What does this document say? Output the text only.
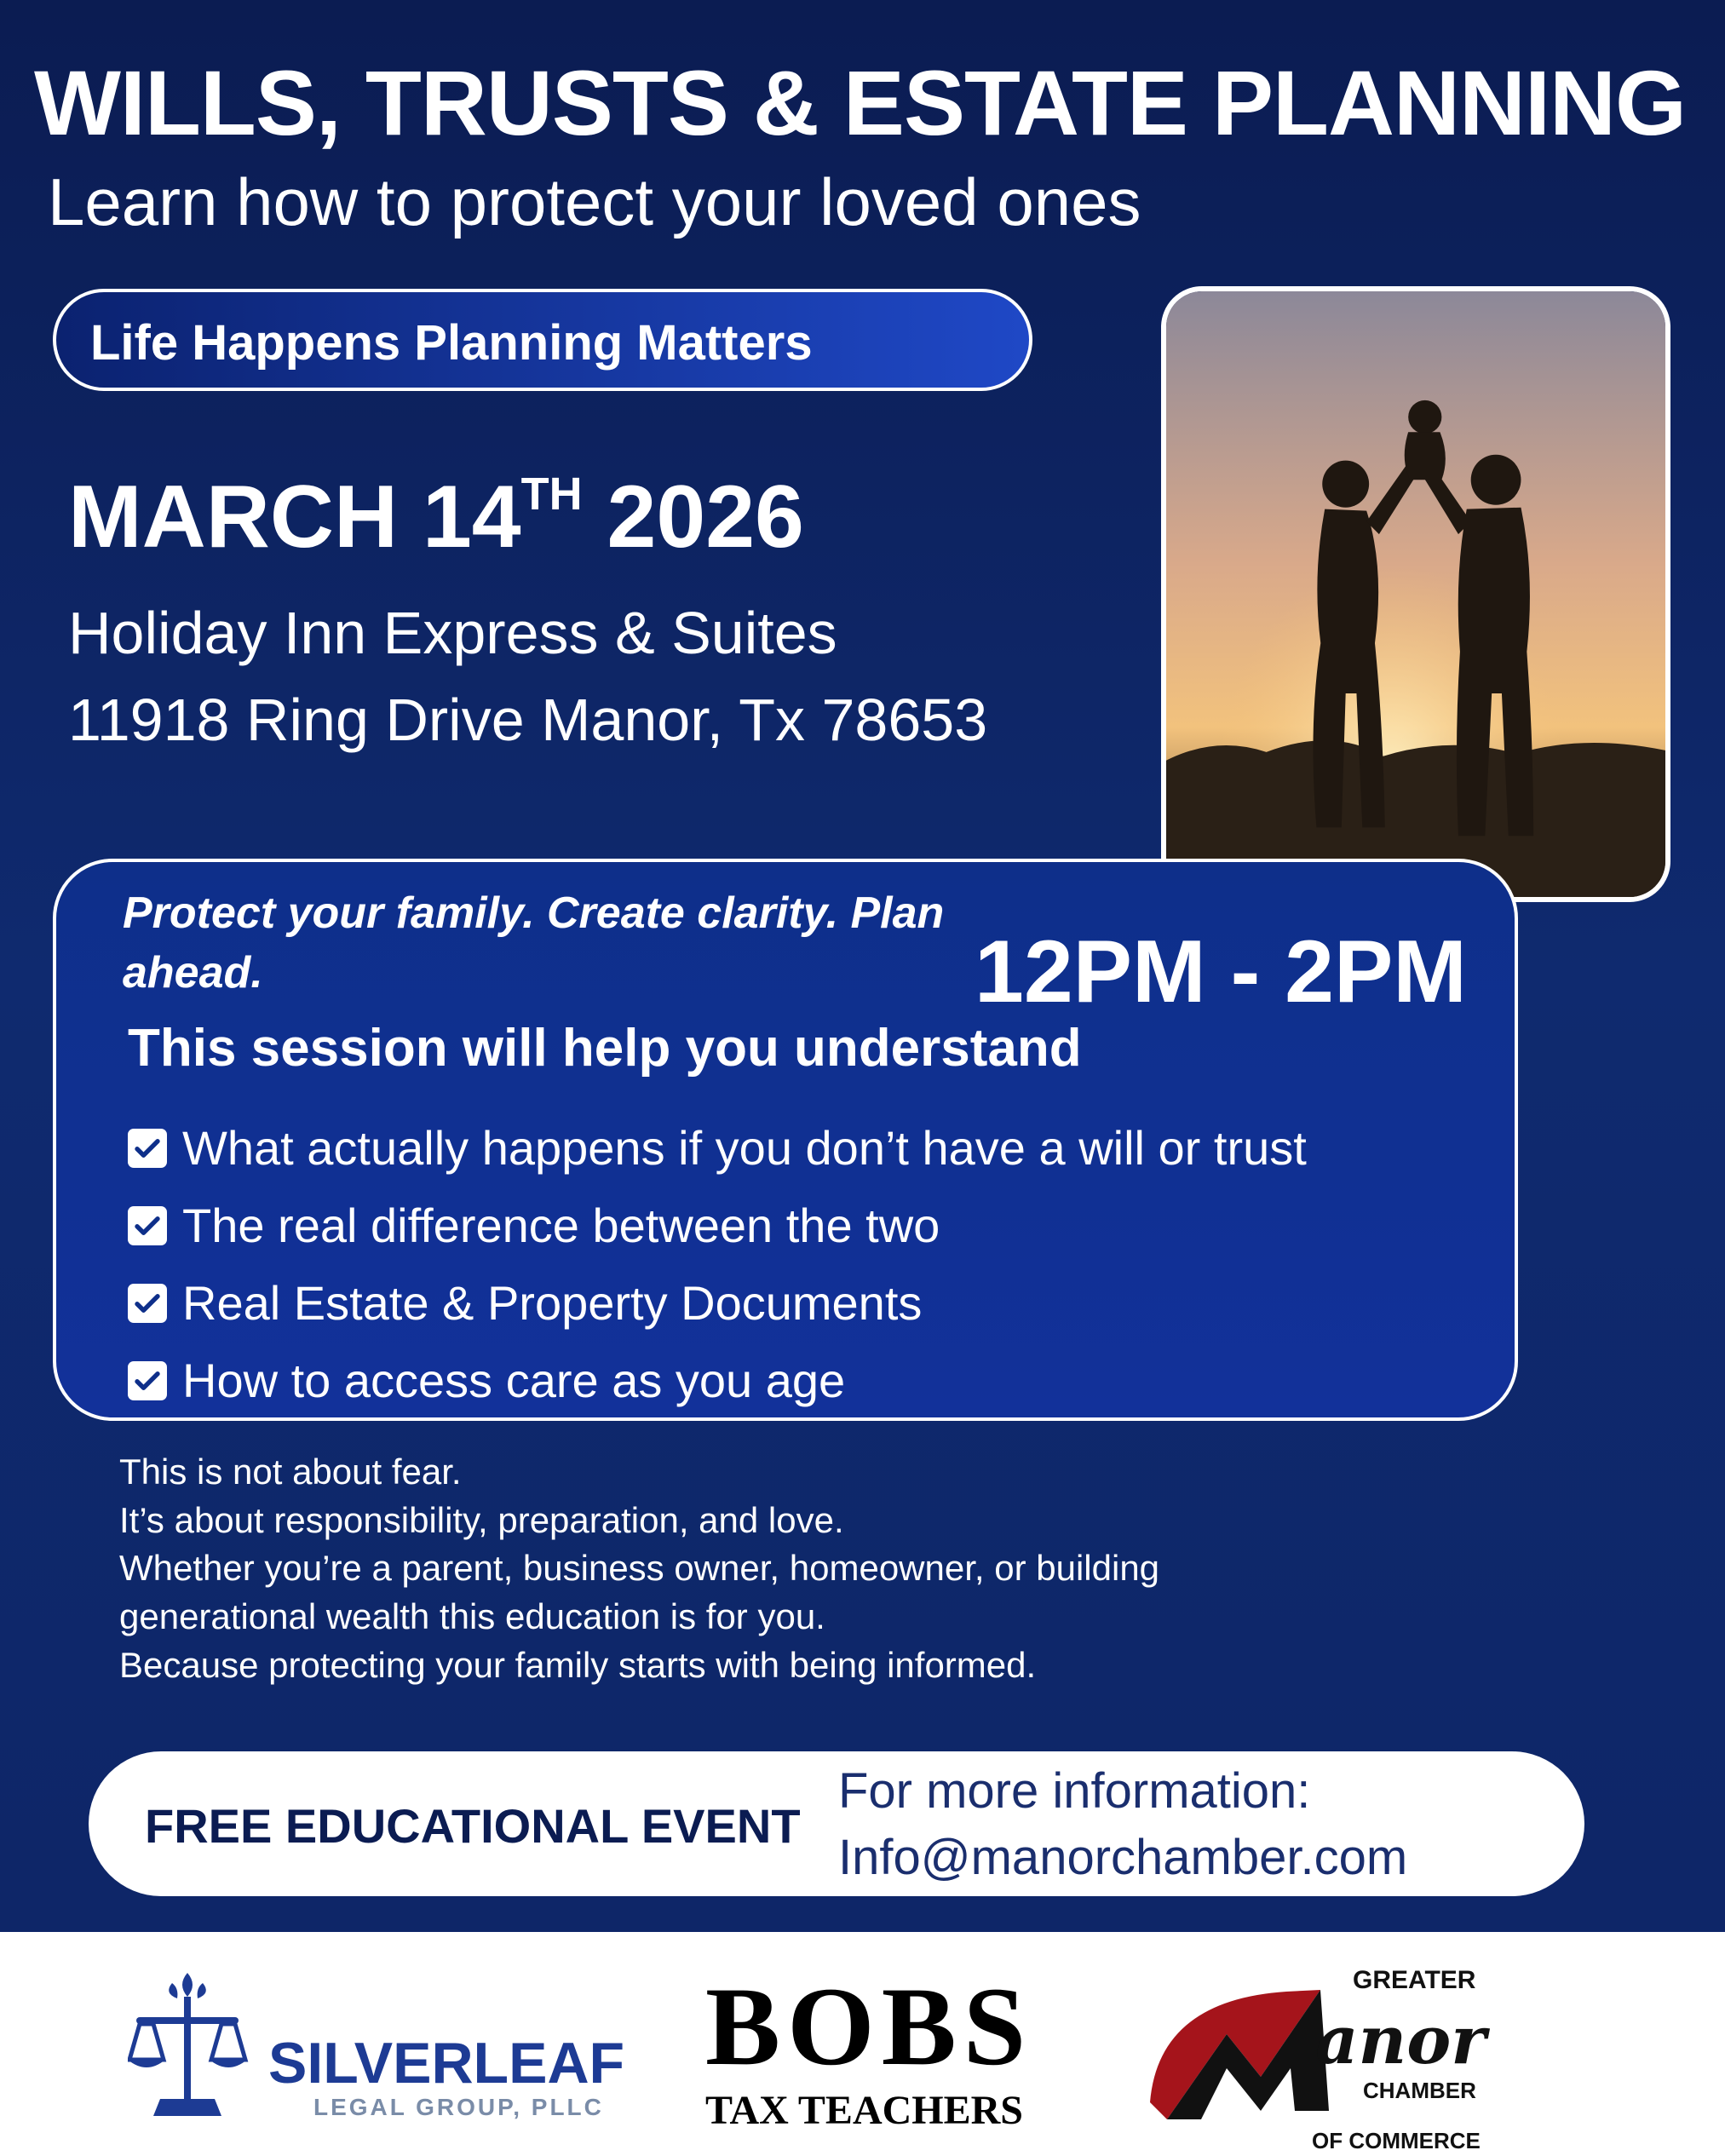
WILLS, TRUSTS & ESTATE PLANNING
Learn how to protect your loved ones
Life Happens Planning Matters
MARCH 14TH 2026
Holiday Inn Express & Suites
11918 Ring Drive Manor, Tx 78653
Protect your family. Create clarity. Plan ahead.	12PM - 2PM
This session will help you understand
What actually happens if you don’t have a will or trust
The real difference between the two
Real Estate & Property Documents
How to access care as you age
This is not about fear.
It’s about responsibility, preparation, and love.
Whether you’re a parent, business owner, homeowner, or building
generational wealth this education is for you.
Because protecting your family starts with being informed.
FREE EDUCATIONAL EVENT
For more information:
Info@manorchamber.com
SILVERLEAF
LEGAL GROUP, PLLC
BOBS
TAX TEACHERS
GREATER
anor
CHAMBER
OF COMMERCE
